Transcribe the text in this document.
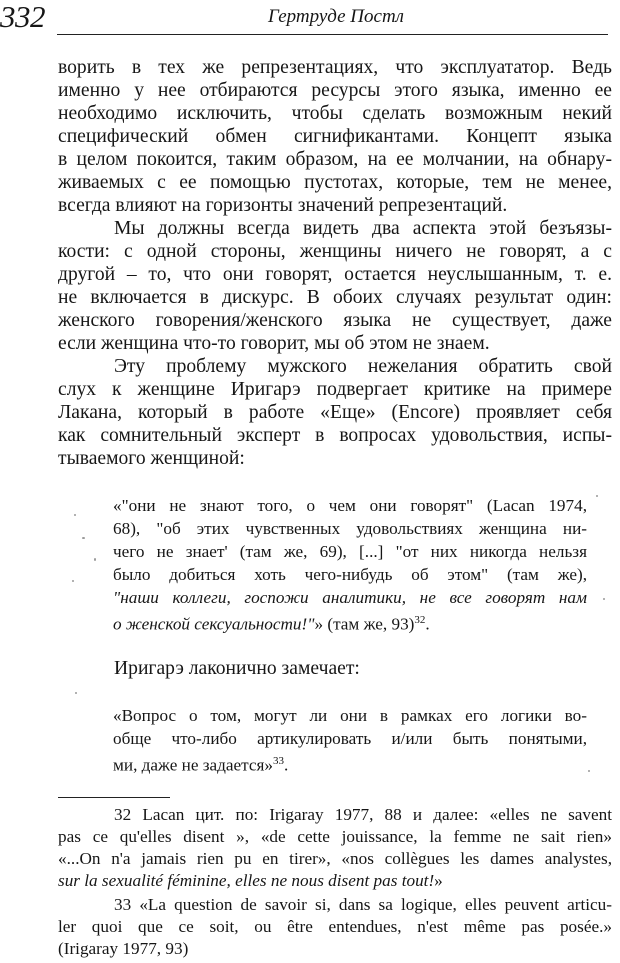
332	Гертруде Постл
ворить в тех же репрезентациях, что эксплуататор. Ведь
именно у нее отбираются ресурсы этого языка, именно ее
необходимо исключить, чтобы сделать возможным некий
специфический обмен сигнификантами. Концепт языка
в целом покоится, таким образом, на ее молчании, на обнару-
живаемых с ее помощью пустотах, которые, тем не менее,
всегда влияют на горизонты значений репрезентаций.
Мы должны всегда видеть два аспекта этой безъязы-
кости: с одной стороны, женщины ничего не говорят, а с
другой – то, что они говорят, остается неуслышанным, т. е.
не включается в дискурс. В обоих случаях результат один:
женского говорения/женского языка не существует, даже
если женщина что-то говорит, мы об этом не знаем.
Эту проблему мужского нежелания обратить свой
слух к женщине Иригарэ подвергает критике на примере
Лакана, который в работе «Еще» (Encore) проявляет себя
как сомнительный эксперт в вопросах удовольствия, испы-
тываемого женщиной:
«"они не знают того, о чем они говорят" (Lacan 1974,
68), "об этих чувственных удовольствиях женщина ни-
чего не знает' (там же, 69), [...] "от них никогда нельзя
было добиться хоть чего-нибудь об этом" (там же),
"наши коллеги, госпожи аналитики, не все говорят нам
о женской сексуальности!"» (там же, 93)$^{32}$.
Иригарэ лаконично замечает:
«Вопрос о том, могут ли они в рамках его логики во-
обще что-либо артикулировать и/или быть понятыми,
ми, даже не задается»$^{33}$.
32 Lacan цит. по: Irigaray 1977, 88 и далее: «elles ne savent
pas ce qu'elles disent », «de cette jouissance, la femme ne sait rien»
«...On n'a jamais rien pu en tirer», «nos collègues les dames analystes,
sur la sexualité féminine, elles ne nous disent pas tout!»
33 «La question de savoir si, dans sa logique, elles peuvent articu-
ler quoi que ce soit, ou être entendues, n'est même pas posée.»
(Irigaray 1977, 93)
